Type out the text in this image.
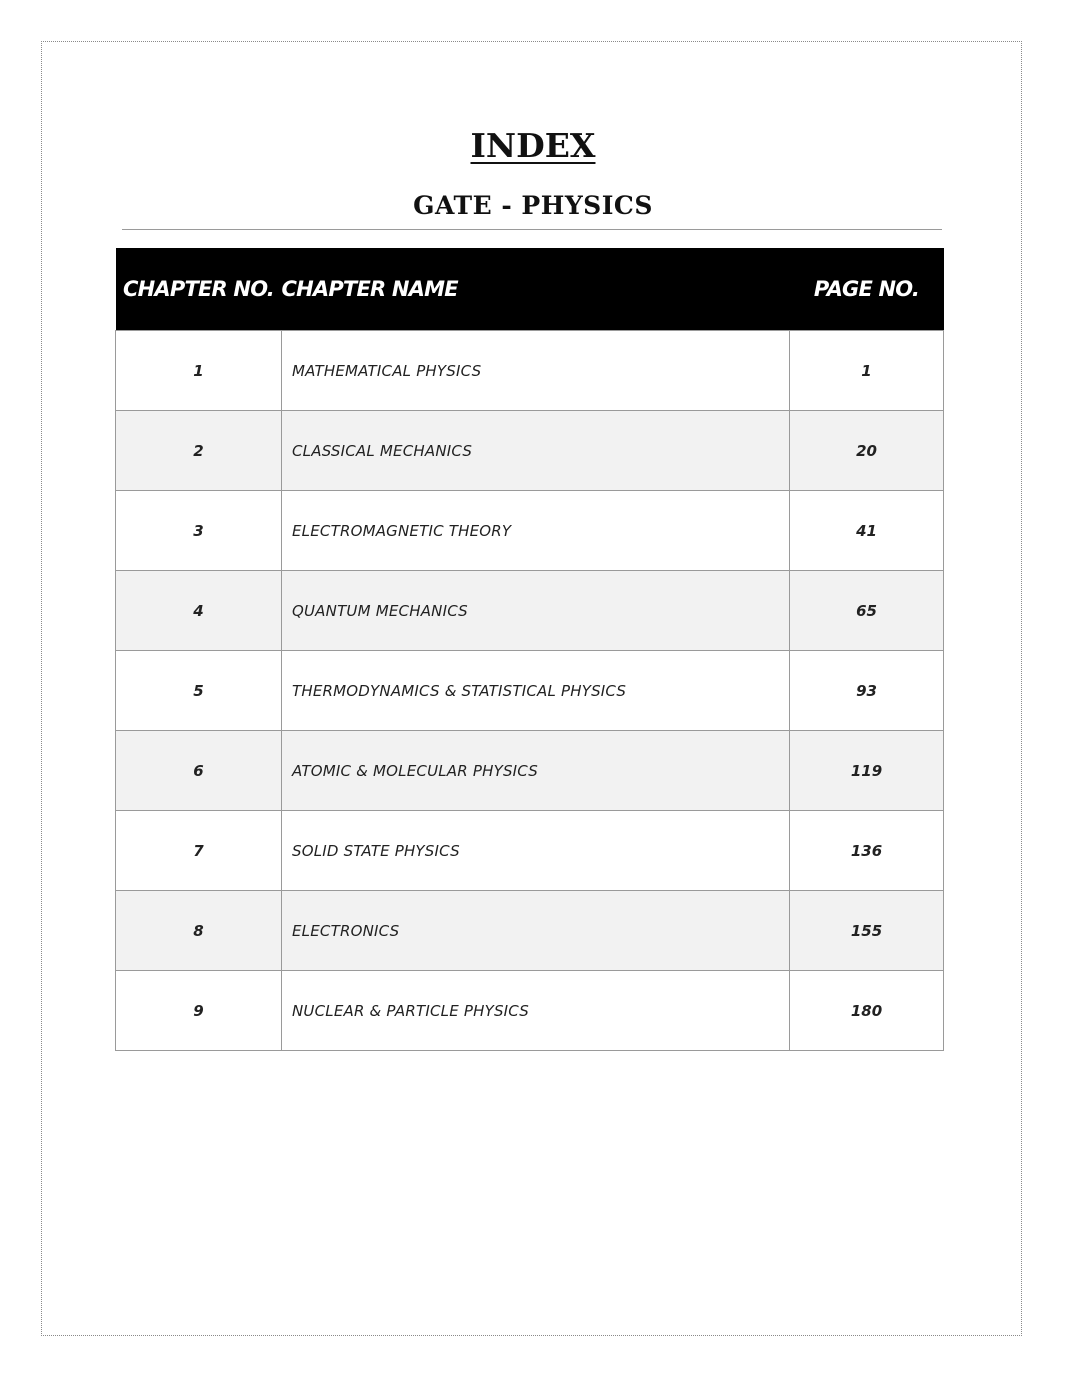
INDEX
GATE - PHYSICS
CHAPTER NO.	CHAPTER NAME	PAGE NO.
1	MATHEMATICAL PHYSICS	1
2	CLASSICAL MECHANICS	20
3	ELECTROMAGNETIC THEORY	41
4	QUANTUM MECHANICS	65
5	THERMODYNAMICS & STATISTICAL PHYSICS	93
6	ATOMIC & MOLECULAR PHYSICS	119
7	SOLID STATE PHYSICS	136
8	ELECTRONICS	155
9	NUCLEAR & PARTICLE PHYSICS	180
